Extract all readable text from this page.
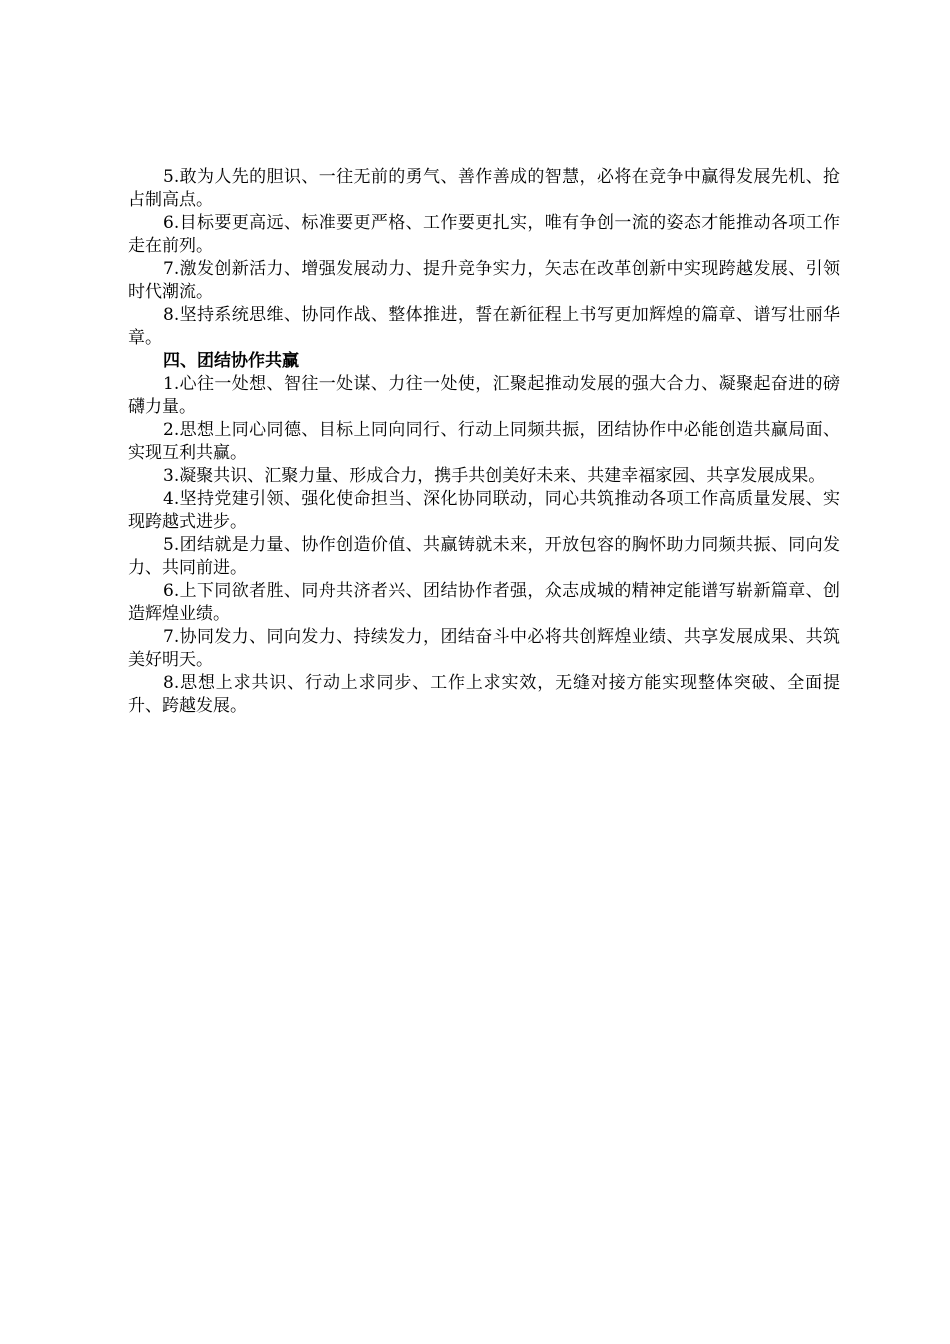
5.敢为人先的胆识、一往无前的勇气、善作善成的智慧，必将在竞争中赢得发展先机、抢占制高点。

6.目标要更高远、标准要更严格、工作要更扎实，唯有争创一流的姿态才能推动各项工作走在前列。

7.激发创新活力、增强发展动力、提升竞争实力，矢志在改革创新中实现跨越发展、引领时代潮流。

8.坚持系统思维、协同作战、整体推进，誓在新征程上书写更加辉煌的篇章、谱写壮丽华章。

四、团结协作共赢

1.心往一处想、智往一处谋、力往一处使，汇聚起推动发展的强大合力、凝聚起奋进的磅礴力量。

2.思想上同心同德、目标上同向同行、行动上同频共振，团结协作中必能创造共赢局面、实现互利共赢。

3.凝聚共识、汇聚力量、形成合力，携手共创美好未来、共建幸福家园、共享发展成果。

4.坚持党建引领、强化使命担当、深化协同联动，同心共筑推动各项工作高质量发展、实现跨越式进步。

5.团结就是力量、协作创造价值、共赢铸就未来，开放包容的胸怀助力同频共振、同向发力、共同前进。

6.上下同欲者胜、同舟共济者兴、团结协作者强，众志成城的精神定能谱写崭新篇章、创造辉煌业绩。

7.协同发力、同向发力、持续发力，团结奋斗中必将共创辉煌业绩、共享发展成果、共筑美好明天。

8.思想上求共识、行动上求同步、工作上求实效，无缝对接方能实现整体突破、全面提升、跨越发展。
